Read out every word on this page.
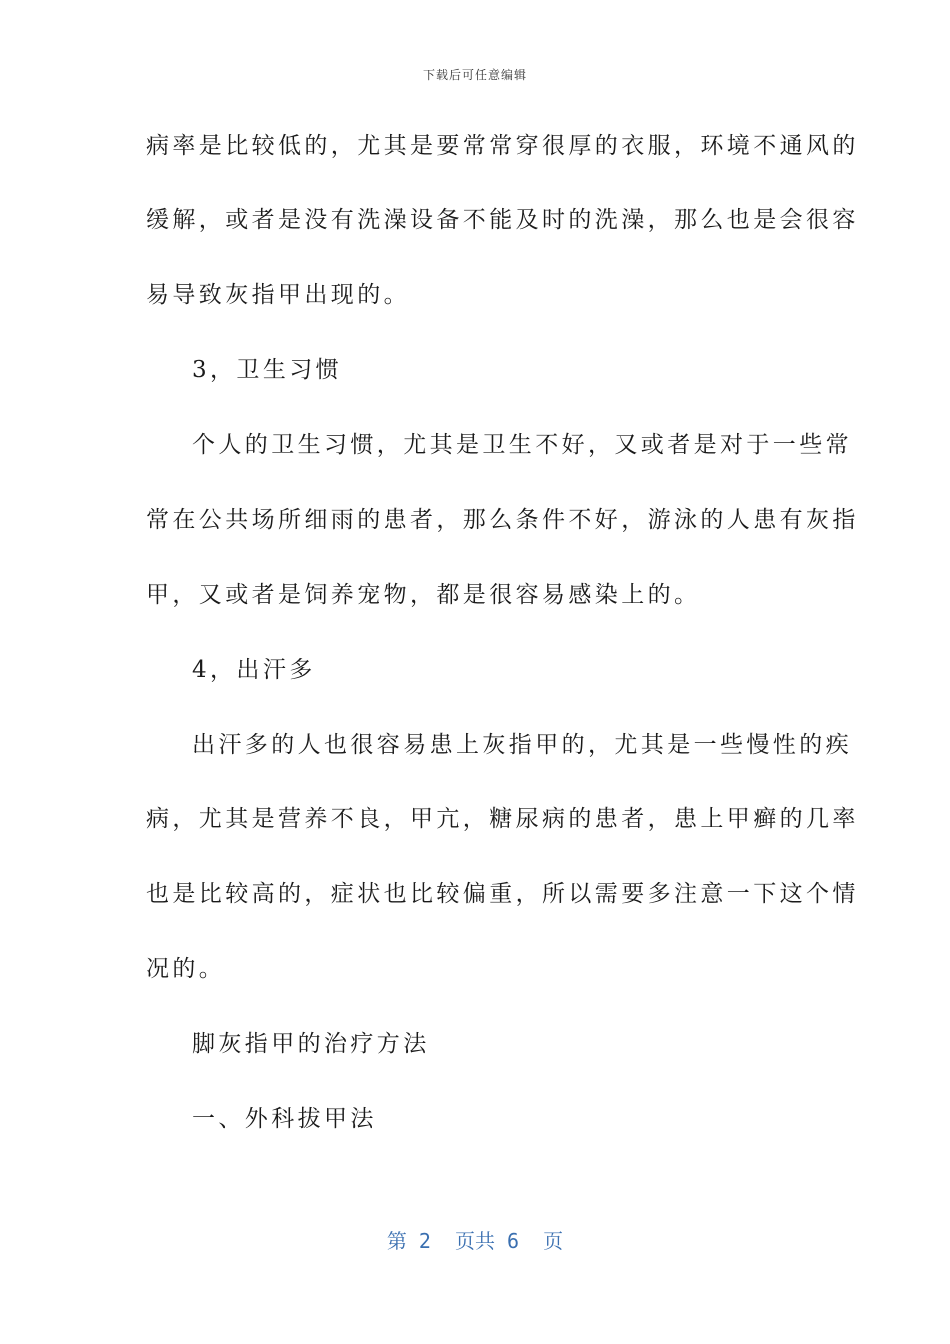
下载后可任意编辑
病率是比较低的，尤其是要常常穿很厚的衣服，环境不通风的
缓解，或者是没有洗澡设备不能及时的洗澡，那么也是会很容
易导致灰指甲出现的。
3，卫生习惯
个人的卫生习惯，尤其是卫生不好，又或者是对于一些常
常在公共场所细雨的患者，那么条件不好，游泳的人患有灰指
甲，又或者是饲养宠物，都是很容易感染上的。
4，出汗多
出汗多的人也很容易患上灰指甲的，尤其是一些慢性的疾
病，尤其是营养不良，甲亢，糖尿病的患者，患上甲癣的几率
也是比较高的，症状也比较偏重，所以需要多注意一下这个情
况的。
脚灰指甲的治疗方法
一、外科拔甲法
第 2  页共 6  页
